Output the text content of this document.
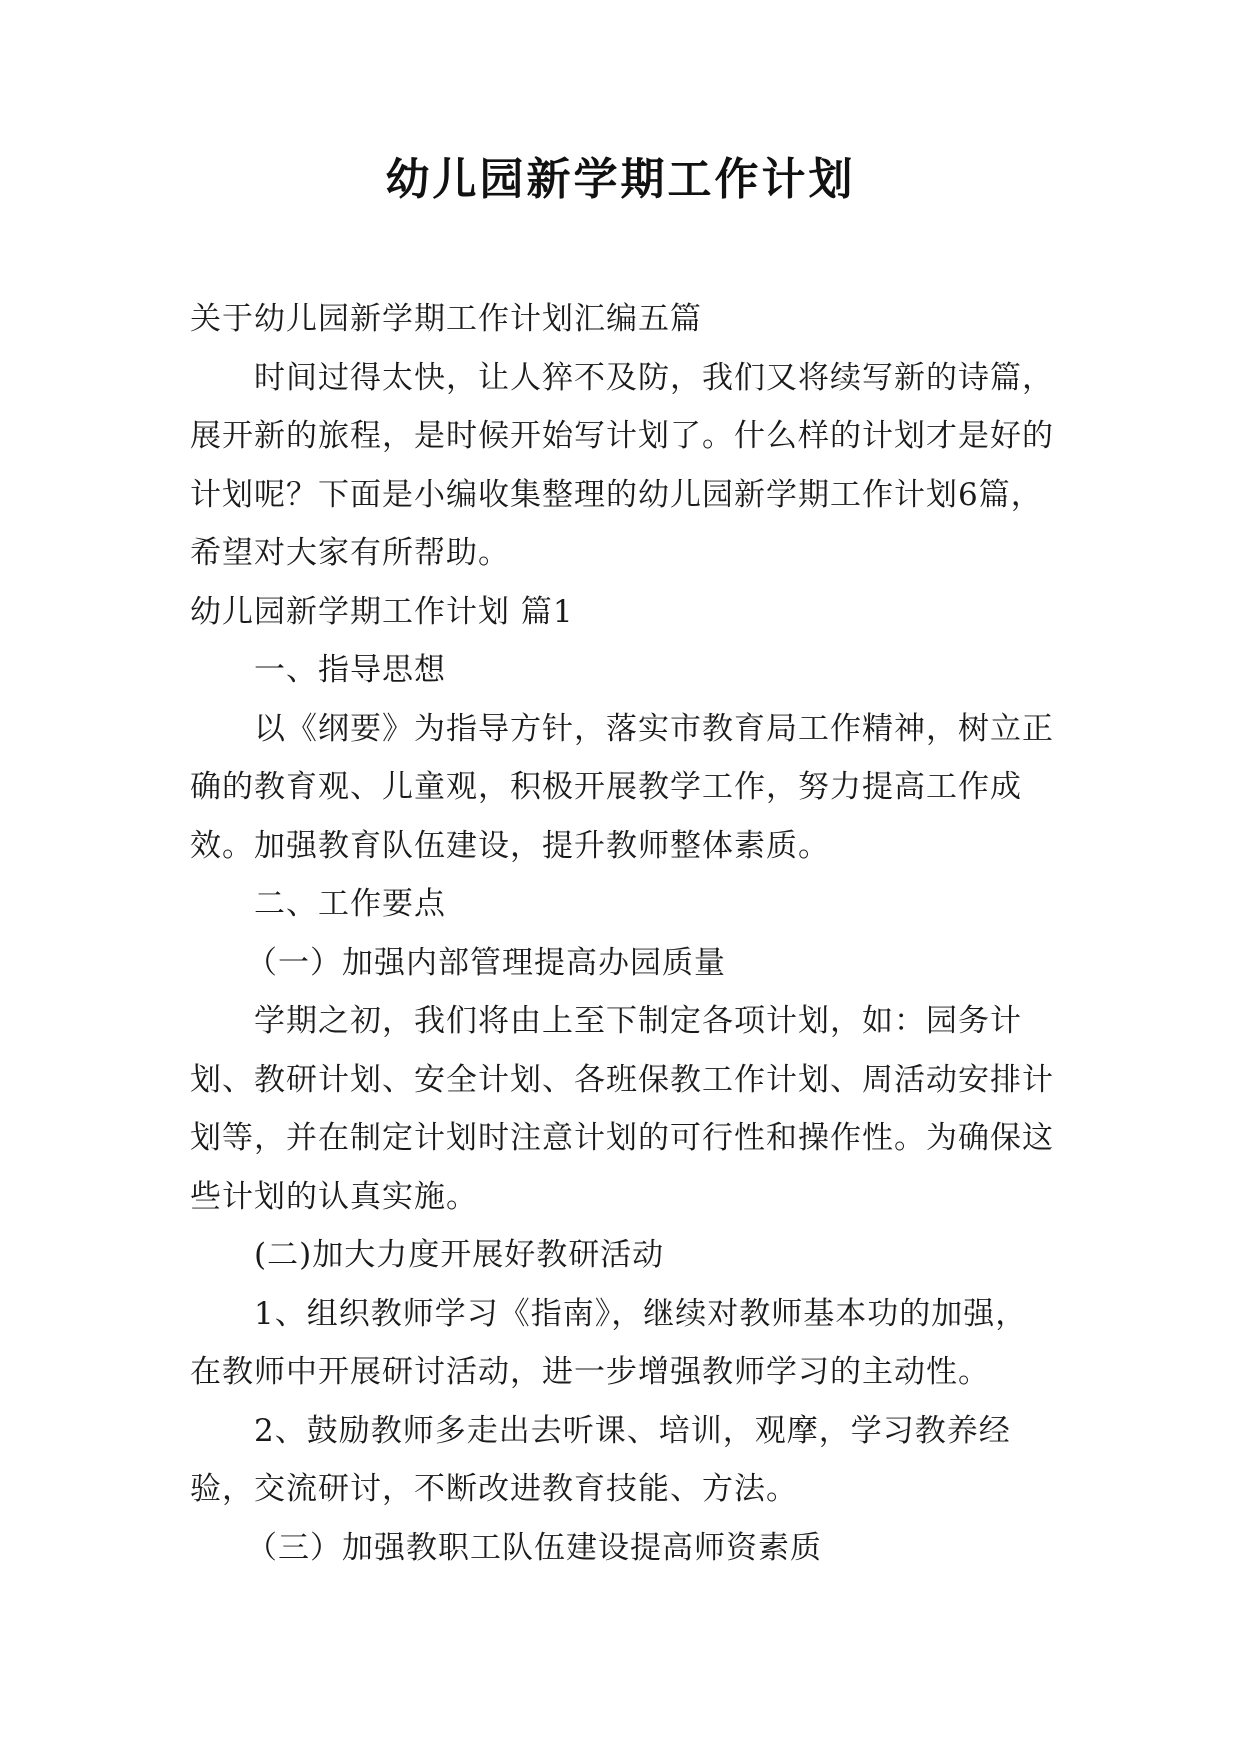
幼儿园新学期工作计划

关于幼儿园新学期工作计划汇编五篇

时间过得太快，让人猝不及防，我们又将续写新的诗篇，展开新的旅程，是时候开始写计划了。什么样的计划才是好的计划呢？下面是小编收集整理的幼儿园新学期工作计划6篇，希望对大家有所帮助。

幼儿园新学期工作计划 篇1

一、指导思想

以《纲要》为指导方针，落实市教育局工作精神，树立正确的教育观、儿童观，积极开展教学工作，努力提高工作成效。加强教育队伍建设，提升教师整体素质。

二、工作要点

（一）加强内部管理提高办园质量

学期之初，我们将由上至下制定各项计划，如：园务计划、教研计划、安全计划、各班保教工作计划、周活动安排计划等，并在制定计划时注意计划的可行性和操作性。为确保这些计划的认真实施。

(二)加大力度开展好教研活动

1、组织教师学习《指南》，继续对教师基本功的加强，在教师中开展研讨活动，进一步增强教师学习的主动性。

2、鼓励教师多走出去听课、培训，观摩，学习教养经验，交流研讨，不断改进教育技能、方法。

（三）加强教职工队伍建设提高师资素质
